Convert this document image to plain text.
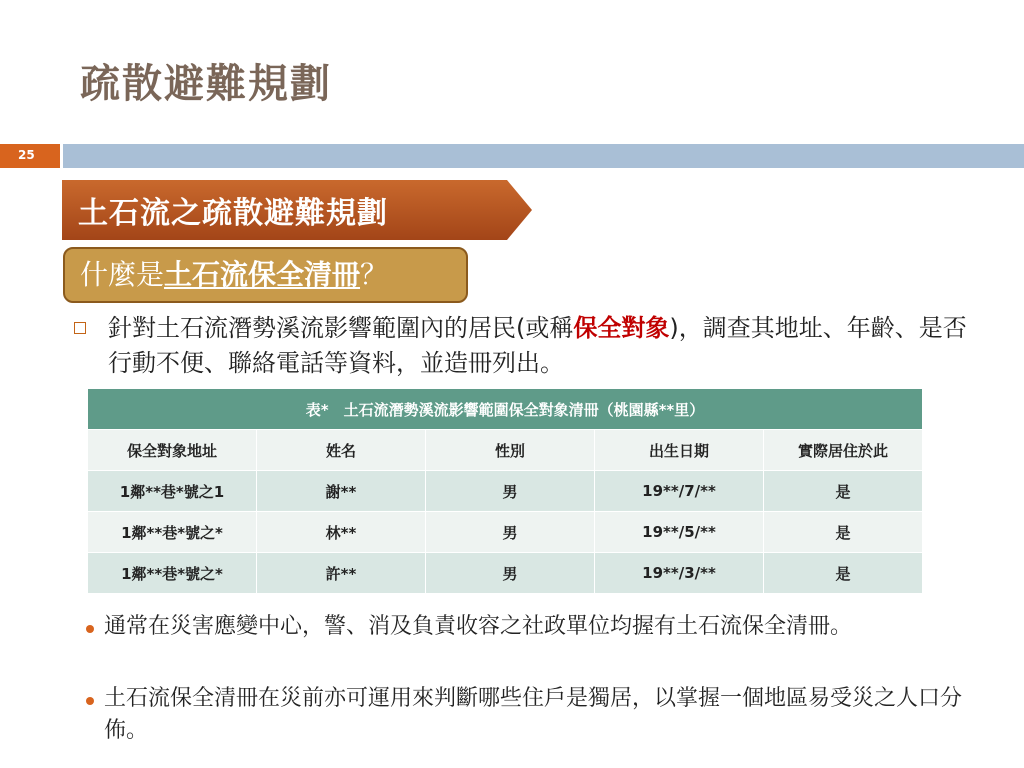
疏散避難規劃
25
土石流之疏散避難規劃
什麼是土石流保全清冊？
針對土石流潛勢溪流影響範圍內的居民(或稱保全對象)，調查其地址、年齡、是否行動不便、聯絡電話等資料，並造冊列出。
表*　土石流潛勢溪流影響範圍保全對象清冊（桃園縣**里）				
保全對象地址	姓名	性別	出生日期	實際居住於此
1鄰**巷*號之1	謝**	男	19**/7/**	是
1鄰**巷*號之*	林**	男	19**/5/**	是
1鄰**巷*號之*	許**	男	19**/3/**	是
通常在災害應變中心，警、消及負責收容之社政單位均握有土石流保全清冊。
土石流保全清冊在災前亦可運用來判斷哪些住戶是獨居，以掌握一個地區易受災之人口分佈。
